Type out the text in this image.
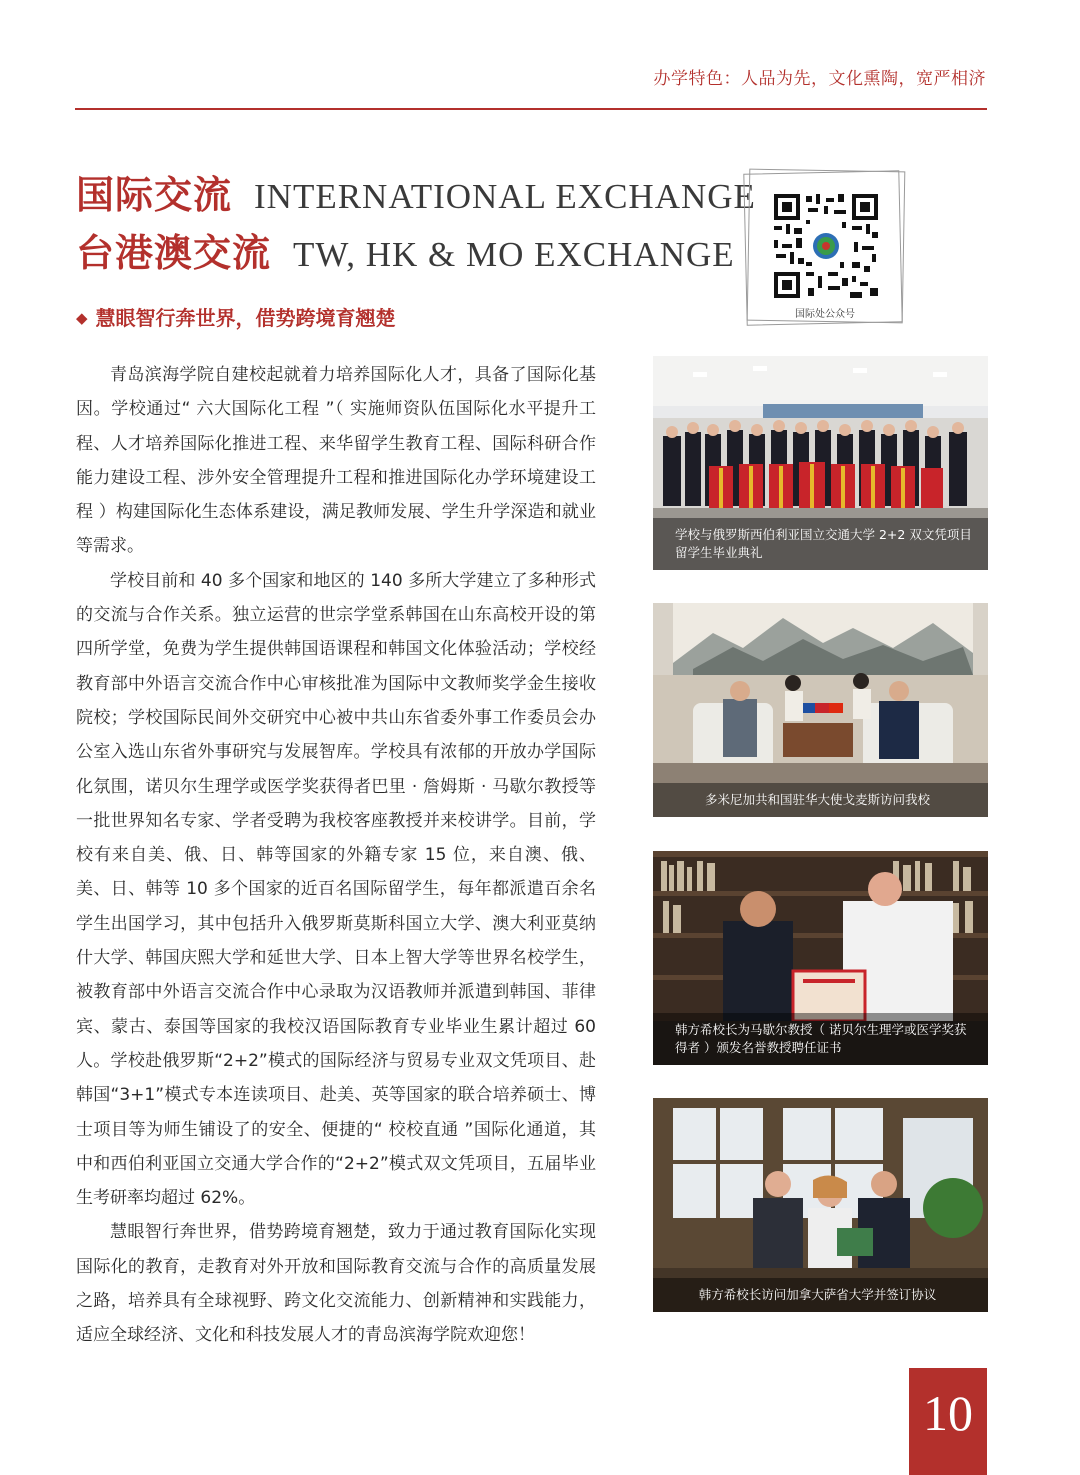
办学特色：人品为先，文化熏陶，宽严相济
国际交流 INTERNATIONAL EXCHANGE
台港澳交流 TW, HK & MO EXCHANGE
◆ 慧眼智行奔世界，借势跨境育翘楚	国际处公众号

青岛滨海学院自建校起就着力培养国际化人才，具备了国际化基因。学校通过“ 六大国际化工程 ”（ 实施师资队伍国际化水平提升工程、人才培养国际化推进工程、来华留学生教育工程、国际科研合作能力建设工程、涉外安全管理提升工程和推进国际化办学环境建设工程 ）构建国际化生态体系建设，满足教师发展、学生升学深造和就业等需求。

学校目前和 40 多个国家和地区的 140 多所大学建立了多种形式的交流与合作关系。独立运营的世宗学堂系韩国在山东高校开设的第四所学堂，免费为学生提供韩国语课程和韩国文化体验活动；学校经教育部中外语言交流合作中心审核批准为国际中文教师奖学金生接收院校；学校国际民间外交研究中心被中共山东省委外事工作委员会办公室入选山东省外事研究与发展智库。学校具有浓郁的开放办学国际化氛围，诺贝尔生理学或医学奖获得者巴里 · 詹姆斯 · 马歇尔教授等一批世界知名专家、学者受聘为我校客座教授并来校讲学。目前，学校有来自美、俄、日、韩等国家的外籍专家 15 位，来自澳、俄、美、日、韩等 10 多个国家的近百名国际留学生，每年都派遣百余名学生出国学习，其中包括升入俄罗斯莫斯科国立大学、澳大利亚莫纳什大学、韩国庆熙大学和延世大学、日本上智大学等世界名校学生，被教育部中外语言交流合作中心录取为汉语教师并派遣到韩国、菲律宾、蒙古、泰国等国家的我校汉语国际教育专业毕业生累计超过 60 人。学校赴俄罗斯“2+2”模式的国际经济与贸易专业双文凭项目、赴韩国“3+1”模式专本连读项目、赴美、英等国家的联合培养硕士、博士项目等为师生铺设了的安全、便捷的“ 校校直通 ”国际化通道，其中和西伯利亚国立交通大学合作的“2+2”模式双文凭项目，五届毕业生考研率均超过 62%。

慧眼智行奔世界，借势跨境育翘楚，致力于通过教育国际化实现国际化的教育，走教育对外开放和国际教育交流与合作的高质量发展之路，培养具有全球视野、跨文化交流能力、创新精神和实践能力，适应全球经济、文化和科技发展人才的青岛滨海学院欢迎您！

学校与俄罗斯西伯利亚国立交通大学 2+2 双文凭项目留学生毕业典礼
多米尼加共和国驻华大使戈麦斯访问我校
韩方希校长为马歇尔教授（ 诺贝尔生理学或医学奖获得者 ）颁发名誉教授聘任证书
韩方希校长访问加拿大萨省大学并签订协议
10
